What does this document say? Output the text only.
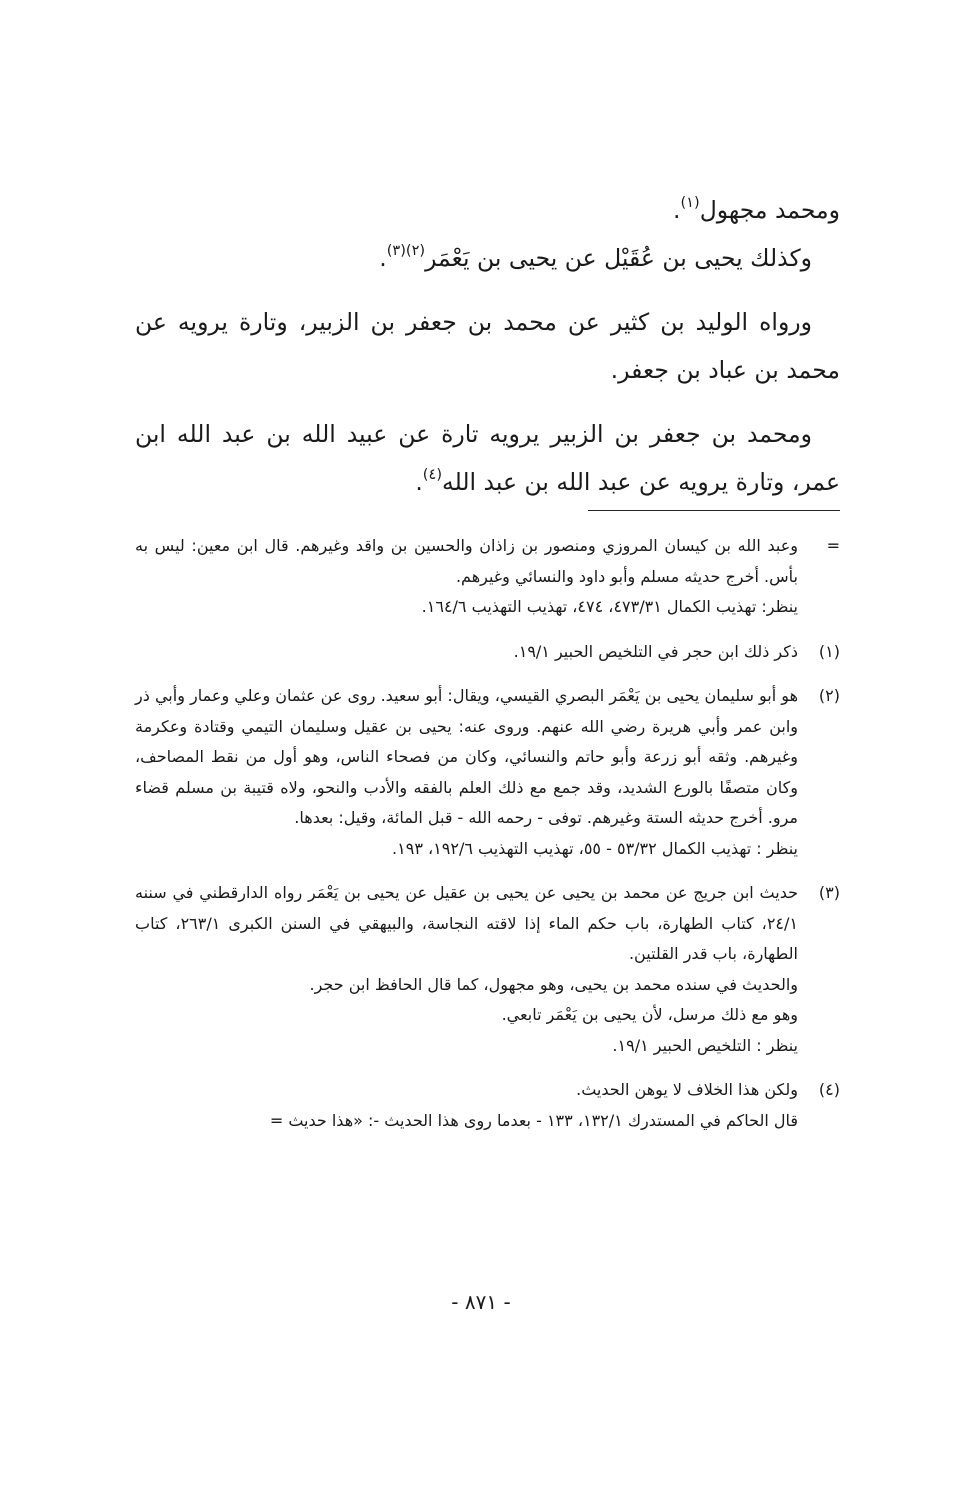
ومحمد مجهول$^{(١)}$.

وكذلك يحيى بن عُقَيْل عن يحيى بن يَعْمَر$^{(٢)(٣)}$.

ورواه الوليد بن كثير عن محمد بن جعفر بن الزبير، وتارة يرويه عن محمد بن عباد بن جعفر.

ومحمد بن جعفر بن الزبير يرويه تارة عن عبيد الله بن عبد الله ابن عمر، وتارة يرويه عن عبد الله بن عبد الله$^{(٤)}$.

=
وعبد الله بن كيسان المروزي ومنصور بن زاذان والحسين بن واقد وغيرهم. قال ابن معين: ليس به بأس. أخرج حديثه مسلم وأبو داود والنسائي وغيرهم.
ينظر: تهذيب الكمال ٤٧٣/٣١، ٤٧٤، تهذيب التهذيب ١٦٤/٦.
(١)
ذكر ذلك ابن حجر في التلخيص الحبير ١٩/١.
(٢)
هو أبو سليمان يحيى بن يَعْمَر البصري القيسي، ويقال: أبو سعيد. روى عن عثمان وعلي وعمار وأبي ذر وابن عمر وأبي هريرة رضي الله عنهم. وروى عنه: يحيى بن عقيل وسليمان التيمي وقتادة وعكرمة وغيرهم. وثقه أبو زرعة وأبو حاتم والنسائي، وكان من فصحاء الناس، وهو أول من نقط المصاحف، وكان متصفًا بالورع الشديد، وقد جمع مع ذلك العلم بالفقه والأدب والنحو، ولاه قتيبة بن مسلم قضاء مرو. أخرج حديثه الستة وغيرهم. توفى - رحمه الله - قبل المائة، وقيل: بعدها.
ينظر : تهذيب الكمال ٥٣/٣٢ - ٥٥، تهذيب التهذيب ١٩٢/٦، ١٩٣.
(٣)
حديث ابن جريج عن محمد بن يحيى عن يحيى بن عقيل عن يحيى بن يَعْمَر رواه الدارقطني في سننه ٢٤/١، كتاب الطهارة، باب حكم الماء إذا لاقته النجاسة، والبيهقي في السنن الكبرى ٢٦٣/١، كتاب الطهارة، باب قدر القلتين.
والحديث في سنده محمد بن يحيى، وهو مجهول، كما قال الحافظ ابن حجر.
وهو مع ذلك مرسل، لأن يحيى بن يَعْمَر تابعي.
ينظر : التلخيص الحبير ١٩/١.
(٤)
ولكن هذا الخلاف لا يوهن الحديث.
قال الحاكم في المستدرك ١٣٢/١، ١٣٣ - بعدما روى هذا الحديث -: «هذا حديث =
- ٨٧١ -
